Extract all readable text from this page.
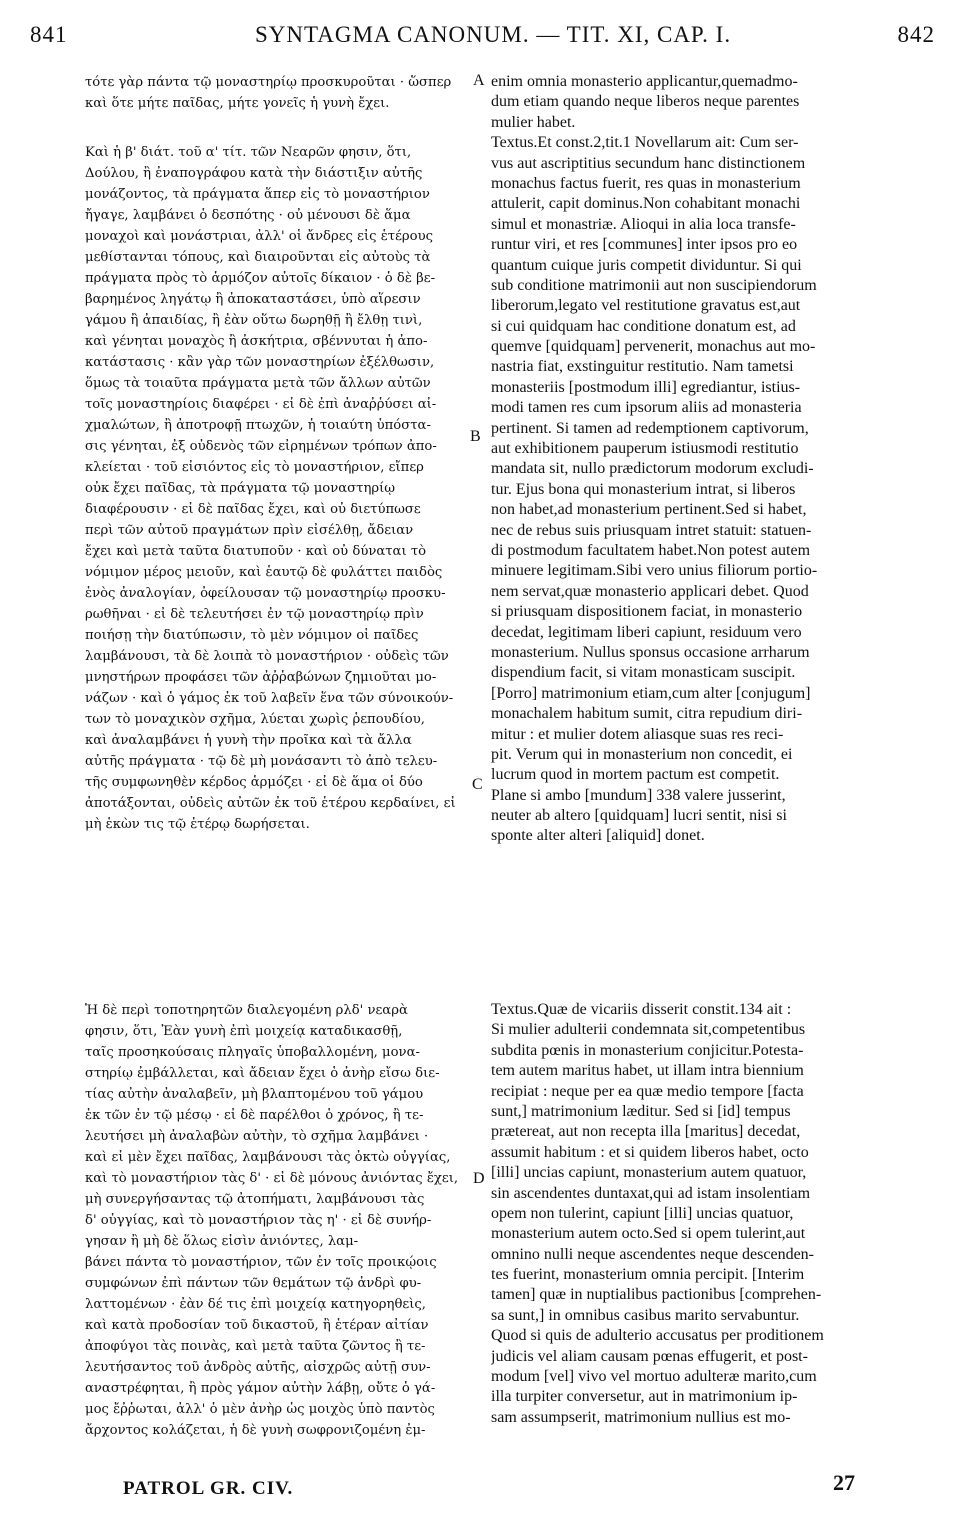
841	SYNTAGMA CANONUM. — TIT. XI, CAP. I.	842
τότε γὰρ πάντα τῷ μοναστηρίῳ προσκυροῦται · ὥσπερ
καὶ ὅτε μήτε παῖδας, μήτε γονεῖς ἡ γυνὴ ἔχει.
Καὶ ἡ β' διάτ. τοῦ α' τίτ. τῶν Νεαρῶν φησιν, ὅτι,
Δούλου, ἢ ἐναπογράφου κατὰ τὴν διάστιξιν αὐτῆς
μονάζοντος, τὰ πράγματα ἅπερ εἰς τὸ μοναστήριον
ἤγαγε, λαμβάνει ὁ δεσπότης · οὐ μένουσι δὲ ἅμα
μοναχοὶ καὶ μονάστριαι, ἀλλ' οἱ ἄνδρες εἰς ἑτέρους
μεθίστανται τόπους, καὶ διαιροῦνται εἰς αὐτοὺς τὰ
πράγματα πρὸς τὸ ἁρμόζον αὐτοῖς δίκαιον · ὁ δὲ βε-
βαρημένος ληγάτῳ ἢ ἀποκαταστάσει, ὑπὸ αἵρεσιν
γάμου ἢ ἀπαιδίας, ἢ ἐὰν οὕτω δωρηθῇ ἢ ἔλθῃ τινὶ,
καὶ γένηται μοναχὸς ἢ ἀσκήτρια, σβέννυται ἡ ἀπο-
κατάστασις · κἂν γὰρ τῶν μοναστηρίων ἐξέλθωσιν,
ὅμως τὰ τοιαῦτα πράγματα μετὰ τῶν ἄλλων αὐτῶν
τοῖς μοναστηρίοις διαφέρει · εἰ δὲ ἐπὶ ἀναῤῥύσει αἰ-
χμαλώτων, ἢ ἀποτροφῇ πτωχῶν, ἡ τοιαύτη ὑπόστα-
σις γένηται, ἐξ οὐδενὸς τῶν εἰρημένων τρόπων ἀπο-
κλείεται · τοῦ εἰσιόντος εἰς τὸ μοναστήριον, εἴπερ
οὐκ ἔχει παῖδας, τὰ πράγματα τῷ μοναστηρίῳ
διαφέρουσιν · εἰ δὲ παῖδας ἔχει, καὶ οὐ διετύπωσε
περὶ τῶν αὐτοῦ πραγμάτων πρὶν εἰσέλθῃ, ἄδειαν
ἔχει καὶ μετὰ ταῦτα διατυποῦν · καὶ οὐ δύναται τὸ
νόμιμον μέρος μειοῦν, καὶ ἑαυτῷ δὲ φυλάττει παιδὸς
ἑνὸς ἀναλογίαν, ὀφείλουσαν τῷ μοναστηρίῳ προσκυ-
ρωθῆναι · εἰ δὲ τελευτήσει ἐν τῷ μοναστηρίῳ πρὶν
ποιήσῃ τὴν διατύπωσιν, τὸ μὲν νόμιμον οἱ παῖδες
λαμβάνουσι, τὰ δὲ λοιπὰ τὸ μοναστήριον · οὐδεὶς τῶν
μνηστήρων προφάσει τῶν ἀῤῥαβώνων ζημιοῦται μο-
νάζων · καὶ ὁ γάμος ἐκ τοῦ λαβεῖν ἕνα τῶν σύνοικούν-
των τὸ μοναχικὸν σχῆμα, λύεται χωρὶς ῥεπουδίου,
καὶ ἀναλαμβάνει ἡ γυνὴ τὴν προῖκα καὶ τὰ ἄλλα
αὐτῆς πράγματα · τῷ δὲ μὴ μονάσαντι τὸ ἀπὸ τελευ-
τῆς συμφωνηθὲν κέρδος ἁρμόζει · εἰ δὲ ἅμα οἱ δύο
ἀποτάξονται, οὐδεὶς αὐτῶν ἐκ τοῦ ἑτέρου κερδαίνει, εἰ
μὴ ἑκὼν τις τῷ ἑτέρῳ δωρήσεται.
enim omnia monasterio applicantur,quemadmo-
dum etiam quando neque liberos neque parentes
mulier habet.
Textus.Et const.2,tit.1 Novellarum ait: Cum ser-
vus aut ascriptitius secundum hanc distinctionem
monachus factus fuerit, res quas in monasterium
attulerit, capit dominus.Non cohabitant monachi
simul et monastriæ. Alioqui in alia loca transfe-
runtur viri, et res [communes] inter ipsos pro eo
quantum cuique juris competit dividuntur. Si qui
sub conditione matrimonii aut non suscipiendorum
liberorum,legato vel restitutione gravatus est,aut
si cui quidquam hac conditione donatum est, ad
quemve [quidquam] pervenerit, monachus aut mo-
nastria fiat, exstinguitur restitutio. Nam tametsi
monasteriis [postmodum illi] egrediantur, istius-
modi tamen res cum ipsorum aliis ad monasteria
pertinent. Si tamen ad redemptionem captivorum,
aut exhibitionem pauperum istiusmodi restitutio
mandata sit, nullo prædictorum modorum excludi-
tur. Ejus bona qui monasterium intrat, si liberos
non habet,ad monasterium pertinent.Sed si habet,
nec de rebus suis priusquam intret statuit: statuen-
di postmodum facultatem habet.Non potest autem
minuere legitimam.Sibi vero unius filiorum portio-
nem servat,quæ monasterio applicari debet. Quod
si priusquam dispositionem faciat, in monasterio
decedat, legitimam liberi capiunt, residuum vero
monasterium. Nullus sponsus occasione arrharum
dispendium facit, si vitam monasticam suscipit.
[Porro] matrimonium etiam,cum alter [conjugum]
monachalem habitum sumit, citra repudium diri-
mitur : et mulier dotem aliasque suas res reci-
pit. Verum qui in monasterium non concedit, ei
lucrum quod in mortem pactum est competit.
Plane si ambo [mundum] 338 valere jusserint,
neuter ab altero [quidquam] lucri sentit, nisi si
sponte alter alteri [aliquid] donet.
Ἡ δὲ περὶ τοποτηρητῶν διαλεγομένη ρλδ' νεαρὰ
φησιν, ὅτι, Ἐὰν γυνὴ ἐπὶ μοιχείᾳ καταδικασθῇ,
ταῖς προσηκούσαις πληγαῖς ὑποβαλλομένη, μονα-
στηρίῳ ἐμβάλλεται, καὶ ἄδειαν ἔχει ὁ ἀνὴρ εἴσω διε-
τίας αὐτὴν ἀναλαβεῖν, μὴ βλαπτομένου τοῦ γάμου
ἐκ τῶν ἐν τῷ μέσῳ · εἰ δὲ παρέλθοι ὁ χρόνος, ἢ τε-
λευτήσει μὴ ἀναλαβὼν αὐτὴν, τὸ σχῆμα λαμβάνει ·
καὶ εἰ μὲν ἔχει παῖδας, λαμβάνουσι τὰς ὀκτὼ οὐγγίας,
καὶ τὸ μοναστήριον τὰς δ' · εἰ δὲ μόνους ἀνιόντας ἔχει,
μὴ συνεργήσαντας τῷ ἀτοπήματι, λαμβάνουσι τὰς
δ' οὐγγίας, καὶ τὸ μοναστήριον τὰς η' · εἰ δὲ συνήρ-
γησαν ἢ μὴ δὲ ὅλως εἰσὶν ἀνιόντες, λαμ-
βάνει πάντα τὸ μοναστήριον, τῶν ἐν τοῖς προικῴοις
συμφώνων ἐπὶ πάντων τῶν θεμάτων τῷ ἀνδρὶ φυ-
λαττομένων · ἐὰν δέ τις ἐπὶ μοιχείᾳ κατηγορηθεὶς,
καὶ κατὰ προδοσίαν τοῦ δικαστοῦ, ἢ ἑτέραν αἰτίαν
ἀποφύγοι τὰς ποινὰς, καὶ μετὰ ταῦτα ζῶντος ἢ τε-
λευτήσαντος τοῦ ἀνδρὸς αὐτῆς, αἰσχρῶς αὐτῇ συν-
αναστρέφηται, ἢ πρὸς γάμον αὐτὴν λάβῃ, οὔτε ὁ γά-
μος ἔῤῥωται, ἀλλ' ὁ μὲν ἀνὴρ ὡς μοιχὸς ὑπὸ παντὸς
ἄρχοντος κολάζεται, ἡ δὲ γυνὴ σωφρονιζομένη ἐμ-
Textus.Quæ de vicariis disserit constit.134 ait :
Si mulier adulterii condemnata sit,competentibus
subdita pœnis in monasterium conjicitur.Potesta-
tem autem maritus habet, ut illam intra biennium
recipiat : neque per ea quæ medio tempore [facta
sunt,] matrimonium læditur. Sed si [id] tempus
prætereat, aut non recepta illa [maritus] decedat,
assumit habitum : et si quidem liberos habet, octo
[illi] uncias capiunt, monasterium autem quatuor,
sin ascendentes duntaxat,qui ad istam insolentiam
opem non tulerint, capiunt [illi] uncias quatuor,
monasterium autem octo.Sed si opem tulerint,aut
omnino nulli neque ascendentes neque descenden-
tes fuerint, monasterium omnia percipit. [Interim
tamen] quæ in nuptialibus pactionibus [comprehen-
sa sunt,] in omnibus casibus marito servabuntur.
Quod si quis de adulterio accusatus per proditionem
judicis vel aliam causam pœnas effugerit, et post-
modum [vel] vivo vel mortuo adulteræ marito,cum
illa turpiter conversetur, aut in matrimonium ip-
sam assumpserit, matrimonium nullius est mo-
A
B
C
D
PATROL GR. CIV.	27
